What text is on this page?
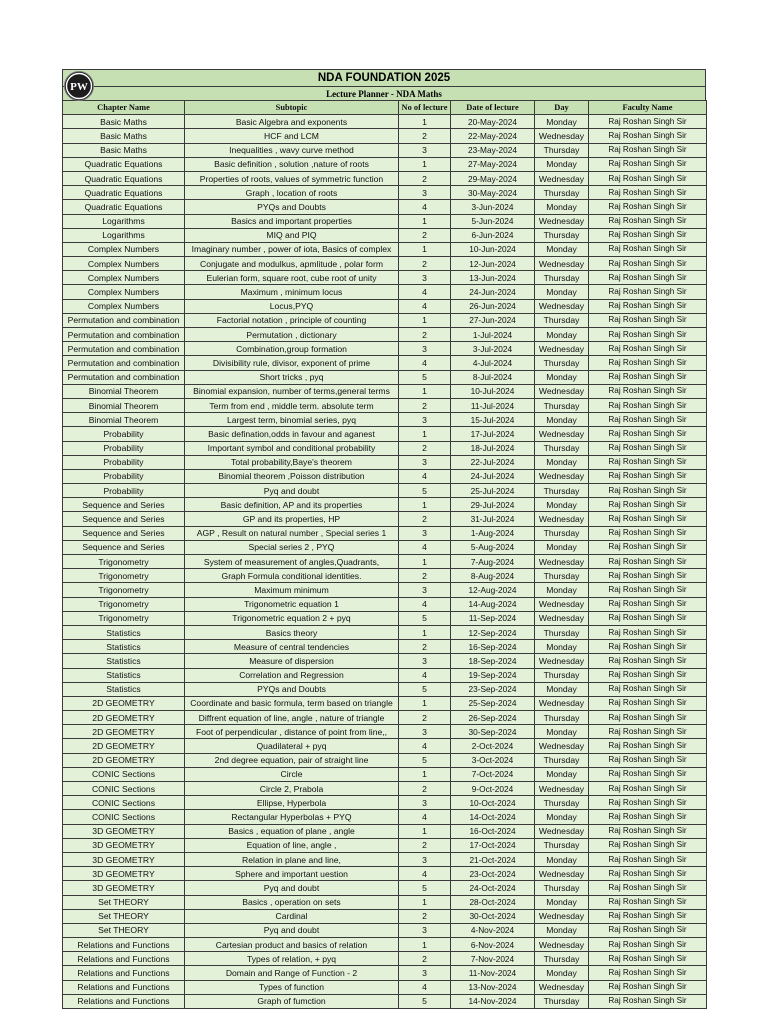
PW
NDA FOUNDATION 2025
Lecture Planner - NDA Maths
Chapter Name	Subtopic	No of lecture	Date of lecture	Day	Faculty Name
Basic Maths	Basic Algebra and exponents	1	20-May-2024	Monday	Raj Roshan Singh Sir
Basic Maths	HCF and LCM	2	22-May-2024	Wednesday	Raj Roshan Singh Sir
Basic Maths	Inequalities , wavy curve method	3	23-May-2024	Thursday	Raj Roshan Singh Sir
Quadratic Equations	Basic definition , solution ,nature of roots	1	27-May-2024	Monday	Raj Roshan Singh Sir
Quadratic Equations	Properties of roots, values of symmetric function	2	29-May-2024	Wednesday	Raj Roshan Singh Sir
Quadratic Equations	Graph , location of roots	3	30-May-2024	Thursday	Raj Roshan Singh Sir
Quadratic Equations	PYQs and Doubts	4	3-Jun-2024	Monday	Raj Roshan Singh Sir
Logarithms	Basics and important properties	1	5-Jun-2024	Wednesday	Raj Roshan Singh Sir
Logarithms	MIQ and PIQ	2	6-Jun-2024	Thursday	Raj Roshan Singh Sir
Complex Numbers	Imaginary number , power of iota, Basics of complex	1	10-Jun-2024	Monday	Raj Roshan Singh Sir
Complex Numbers	Conjugate and modulkus, apmlitude , polar form	2	12-Jun-2024	Wednesday	Raj Roshan Singh Sir
Complex Numbers	Eulerian form, square root, cube root of unity	3	13-Jun-2024	Thursday	Raj Roshan Singh Sir
Complex Numbers	Maximum , minimum locus	4	24-Jun-2024	Monday	Raj Roshan Singh Sir
Complex Numbers	Locus,PYQ	4	26-Jun-2024	Wednesday	Raj Roshan Singh Sir
Permutation and combination	Factorial notation , principle of counting	1	27-Jun-2024	Thursday	Raj Roshan Singh Sir
Permutation and combination	Permutation , dictionary	2	1-Jul-2024	Monday	Raj Roshan Singh Sir
Permutation and combination	Combination,group formation	3	3-Jul-2024	Wednesday	Raj Roshan Singh Sir
Permutation and combination	Divisibility rule, divisor, exponent of prime	4	4-Jul-2024	Thursday	Raj Roshan Singh Sir
Permutation and combination	Short tricks , pyq	5	8-Jul-2024	Monday	Raj Roshan Singh Sir
Binomial Theorem	Binomial expansion, number of terms,general terms	1	10-Jul-2024	Wednesday	Raj Roshan Singh Sir
Binomial Theorem	Term from end , middle term. absolute term	2	11-Jul-2024	Thursday	Raj Roshan Singh Sir
Binomial Theorem	Largest term, binomial series, pyq	3	15-Jul-2024	Monday	Raj Roshan Singh Sir
Probability	Basic defination,odds in favour and aganest	1	17-Jul-2024	Wednesday	Raj Roshan Singh Sir
Probability	Important symbol and conditional probability	2	18-Jul-2024	Thursday	Raj Roshan Singh Sir
Probability	Total probability,Baye's theorem	3	22-Jul-2024	Monday	Raj Roshan Singh Sir
Probability	Binomial theorem ,Poisson distribution	4	24-Jul-2024	Wednesday	Raj Roshan Singh Sir
Probability	Pyq and doubt	5	25-Jul-2024	Thursday	Raj Roshan Singh Sir
Sequence and Series	Basic definition, AP and its properties	1	29-Jul-2024	Monday	Raj Roshan Singh Sir
Sequence and Series	GP and its properties, HP	2	31-Jul-2024	Wednesday	Raj Roshan Singh Sir
Sequence and Series	AGP , Result on natural number , Special series 1	3	1-Aug-2024	Thursday	Raj Roshan Singh Sir
Sequence and Series	Special series 2 , PYQ	4	5-Aug-2024	Monday	Raj Roshan Singh Sir
Trigonometry	System of measurement of angles,Quadrants,	1	7-Aug-2024	Wednesday	Raj Roshan Singh Sir
Trigonometry	Graph Formula conditional identities.	2	8-Aug-2024	Thursday	Raj Roshan Singh Sir
Trigonometry	Maximum minimum	3	12-Aug-2024	Monday	Raj Roshan Singh Sir
Trigonometry	Trigonometric equation 1	4	14-Aug-2024	Wednesday	Raj Roshan Singh Sir
Trigonometry	Trigonometric equation 2 + pyq	5	11-Sep-2024	Wednesday	Raj Roshan Singh Sir
Statistics	Basics theory	1	12-Sep-2024	Thursday	Raj Roshan Singh Sir
Statistics	Measure of central tendencies	2	16-Sep-2024	Monday	Raj Roshan Singh Sir
Statistics	Measure of dispersion	3	18-Sep-2024	Wednesday	Raj Roshan Singh Sir
Statistics	Correlation and Regression	4	19-Sep-2024	Thursday	Raj Roshan Singh Sir
Statistics	PYQs and Doubts	5	23-Sep-2024	Monday	Raj Roshan Singh Sir
2D GEOMETRY	Coordinate and basic formula, term based on triangle	1	25-Sep-2024	Wednesday	Raj Roshan Singh Sir
2D GEOMETRY	Diffrent equation of line, angle , nature of triangle	2	26-Sep-2024	Thursday	Raj Roshan Singh Sir
2D GEOMETRY	Foot of perpendicular , distance of point from line,,	3	30-Sep-2024	Monday	Raj Roshan Singh Sir
2D GEOMETRY	Quadilateral + pyq	4	2-Oct-2024	Wednesday	Raj Roshan Singh Sir
2D GEOMETRY	2nd degree equation, pair of straight line	5	3-Oct-2024	Thursday	Raj Roshan Singh Sir
CONIC Sections	Circle	1	7-Oct-2024	Monday	Raj Roshan Singh Sir
CONIC Sections	Circle 2, Prabola	2	9-Oct-2024	Wednesday	Raj Roshan Singh Sir
CONIC Sections	Ellipse, Hyperbola	3	10-Oct-2024	Thursday	Raj Roshan Singh Sir
CONIC Sections	Rectangular Hyperbolas + PYQ	4	14-Oct-2024	Monday	Raj Roshan Singh Sir
3D GEOMETRY	Basics , equation of plane , angle	1	16-Oct-2024	Wednesday	Raj Roshan Singh Sir
3D GEOMETRY	Equation of line, angle ,	2	17-Oct-2024	Thursday	Raj Roshan Singh Sir
3D GEOMETRY	Relation in plane and line,	3	21-Oct-2024	Monday	Raj Roshan Singh Sir
3D GEOMETRY	Sphere and important uestion	4	23-Oct-2024	Wednesday	Raj Roshan Singh Sir
3D GEOMETRY	Pyq and doubt	5	24-Oct-2024	Thursday	Raj Roshan Singh Sir
Set THEORY	Basics , operation on sets	1	28-Oct-2024	Monday	Raj Roshan Singh Sir
Set THEORY	Cardinal	2	30-Oct-2024	Wednesday	Raj Roshan Singh Sir
Set THEORY	Pyq and doubt	3	4-Nov-2024	Monday	Raj Roshan Singh Sir
Relations and Functions	Cartesian product and basics of relation	1	6-Nov-2024	Wednesday	Raj Roshan Singh Sir
Relations and Functions	Types of relation, + pyq	2	7-Nov-2024	Thursday	Raj Roshan Singh Sir
Relations and Functions	Domain and Range of Function - 2	3	11-Nov-2024	Monday	Raj Roshan Singh Sir
Relations and Functions	Types of function	4	13-Nov-2024	Wednesday	Raj Roshan Singh Sir
Relations and Functions	Graph of fumction	5	14-Nov-2024	Thursday	Raj Roshan Singh Sir
